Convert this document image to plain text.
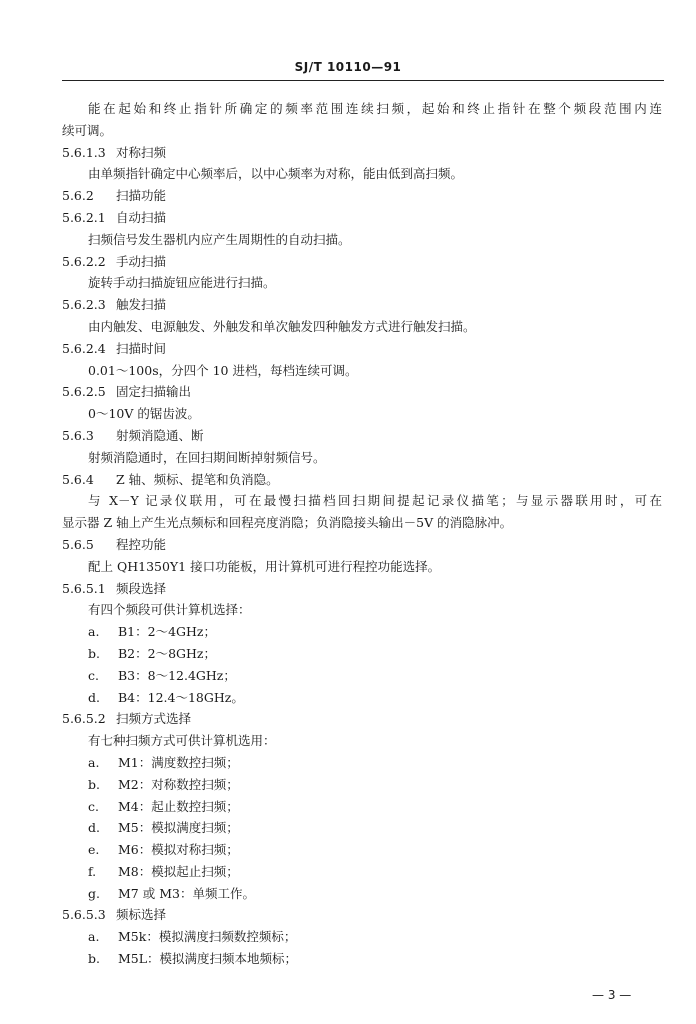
SJ/T 10110—91
能在起始和终止指针所确定的频率范围连续扫频，起始和终止指针在整个频段范围内连
续可调。
5.6.1.3 对称扫频
由单频指针确定中心频率后，以中心频率为对称，能由低到高扫频。
5.6.2 扫描功能
5.6.2.1 自动扫描
扫频信号发生器机内应产生周期性的自动扫描。
5.6.2.2 手动扫描
旋转手动扫描旋钮应能进行扫描。
5.6.2.3 触发扫描
由内触发、电源触发、外触发和单次触发四种触发方式进行触发扫描。
5.6.2.4 扫描时间
0.01～100s，分四个 10 进档，每档连续可调。
5.6.2.5 固定扫描输出
0～10V 的锯齿波。
5.6.3 射频消隐通、断
射频消隐通时，在回扫期间断掉射频信号。
5.6.4 Z 轴、频标、提笔和负消隐。
与 X－Y 记录仪联用，可在最慢扫描档回扫期间提起记录仪描笔；与显示器联用时，可在
显示器 Z 轴上产生光点频标和回程亮度消隐；负消隐接头输出－5V 的消隐脉冲。
5.6.5 程控功能
配上 QH1350Y1 接口功能板，用计算机可进行程控功能选择。
5.6.5.1 频段选择
有四个频段可供计算机选择：
a. B1：2～4GHz；
b. B2：2～8GHz；
c. B3：8～12.4GHz；
d. B4：12.4～18GHz。
5.6.5.2 扫频方式选择
有七种扫频方式可供计算机选用：
a. M1：满度数控扫频；
b. M2：对称数控扫频；
c. M4：起止数控扫频；
d. M5：模拟满度扫频；
e. M6：模拟对称扫频；
f. M8：模拟起止扫频；
g. M7 或 M3：单频工作。
5.6.5.3 频标选择
a. M5k：模拟满度扫频数控频标；
b. M5L：模拟满度扫频本地频标；
— 3 —
